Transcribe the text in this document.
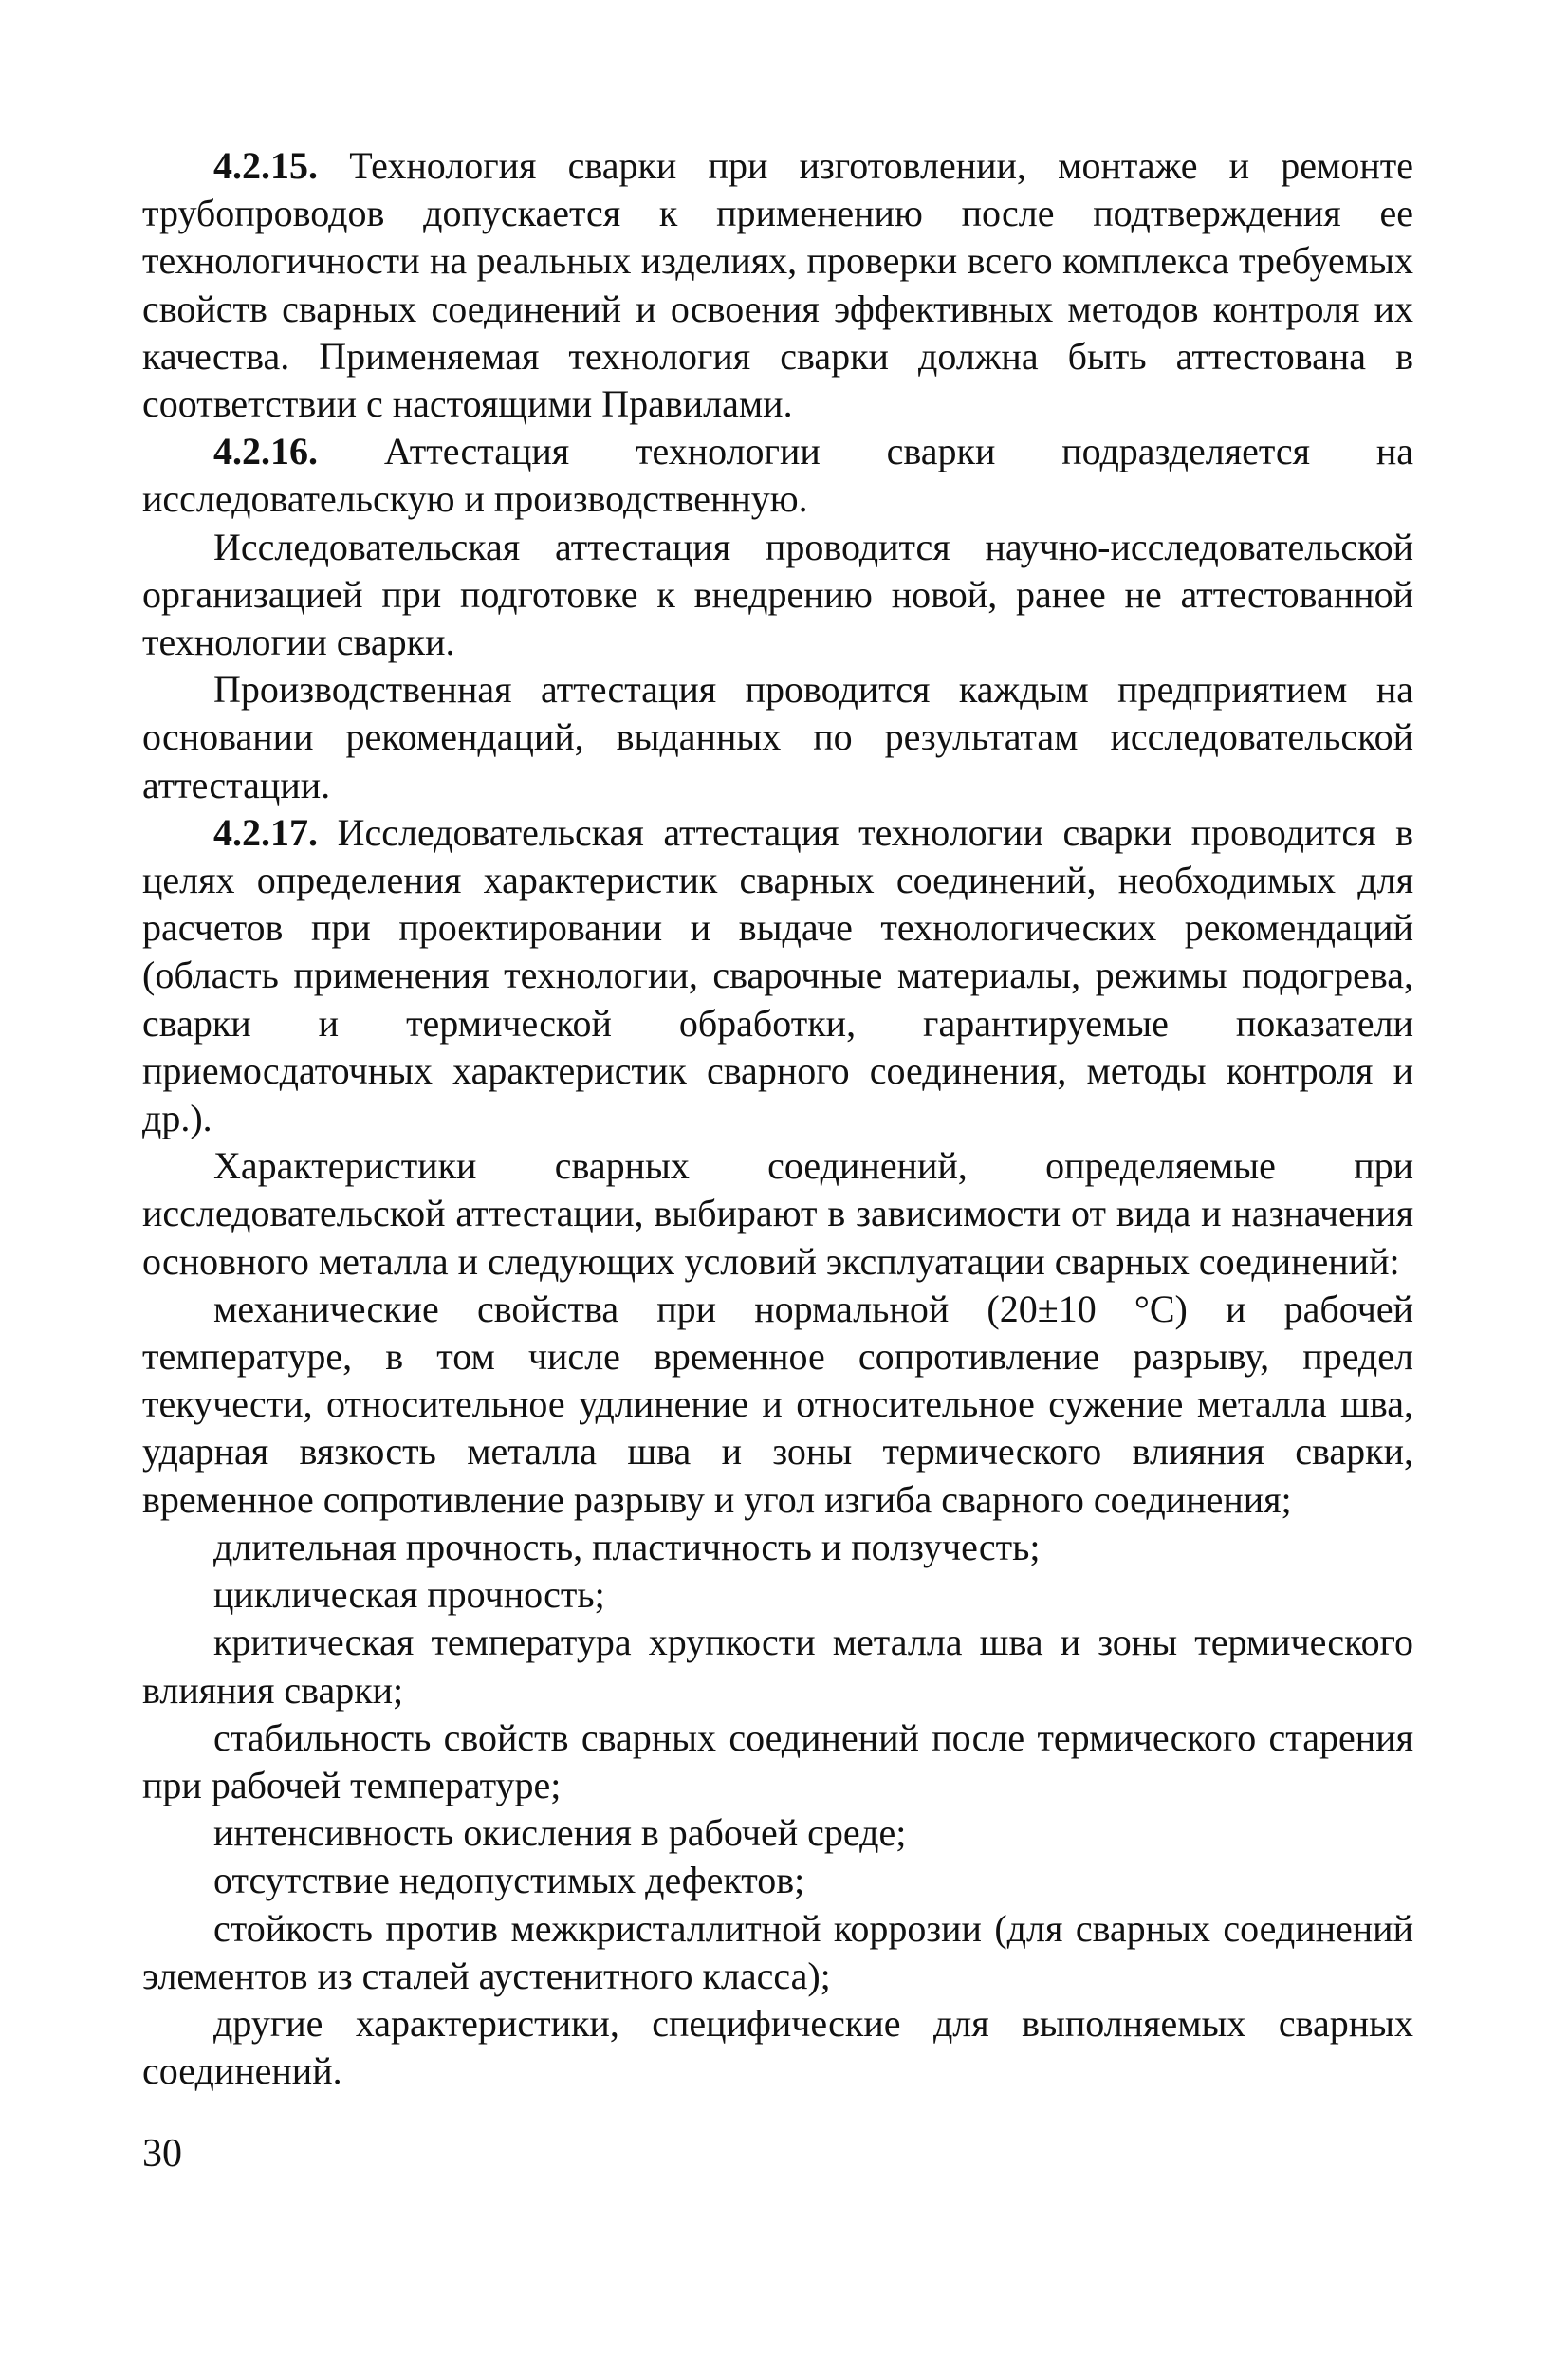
4.2.15. Технология сварки при изготовлении, монтаже и ремонте трубопроводов допускается к применению после подтверждения ее технологичности на реальных изделиях, проверки всего комплекса требуемых свойств сварных соединений и освоения эффективных методов контроля их качества. Применяемая технология сварки должна быть аттестована в соответствии с настоящими Правилами.

4.2.16. Аттестация технологии сварки подразделяется на исследовательскую и производственную.

Исследовательская аттестация проводится научно-исследовательской организацией при подготовке к внедрению новой, ранее не аттестованной технологии сварки.

Производственная аттестация проводится каждым предприятием на основании рекомендаций, выданных по результатам исследовательской аттестации.

4.2.17. Исследовательская аттестация технологии сварки проводится в целях определения характеристик сварных соединений, необходимых для расчетов при проектировании и выдаче технологических рекомендаций (область применения технологии, сварочные материалы, режимы подогрева, сварки и термической обработки, гарантируемые показатели приемосдаточных характеристик сварного соединения, методы контроля и др.).

Характеристики сварных соединений, определяемые при исследовательской аттестации, выбирают в зависимости от вида и назначения основного металла и следующих условий эксплуатации сварных соединений:

механические свойства при нормальной (20±10 °С) и рабочей температуре, в том числе временное сопротивление разрыву, предел текучести, относительное удлинение и относительное сужение металла шва, ударная вязкость металла шва и зоны термического влияния сварки, временное сопротивление разрыву и угол изгиба сварного соединения;

длительная прочность, пластичность и ползучесть;

циклическая прочность;

критическая температура хрупкости металла шва и зоны термического влияния сварки;

стабильность свойств сварных соединений после термического старения при рабочей температуре;

интенсивность окисления в рабочей среде;

отсутствие недопустимых дефектов;

стойкость против межкристаллитной коррозии (для сварных соединений элементов из сталей аустенитного класса);

другие характеристики, специфические для выполняемых сварных соединений.

30
